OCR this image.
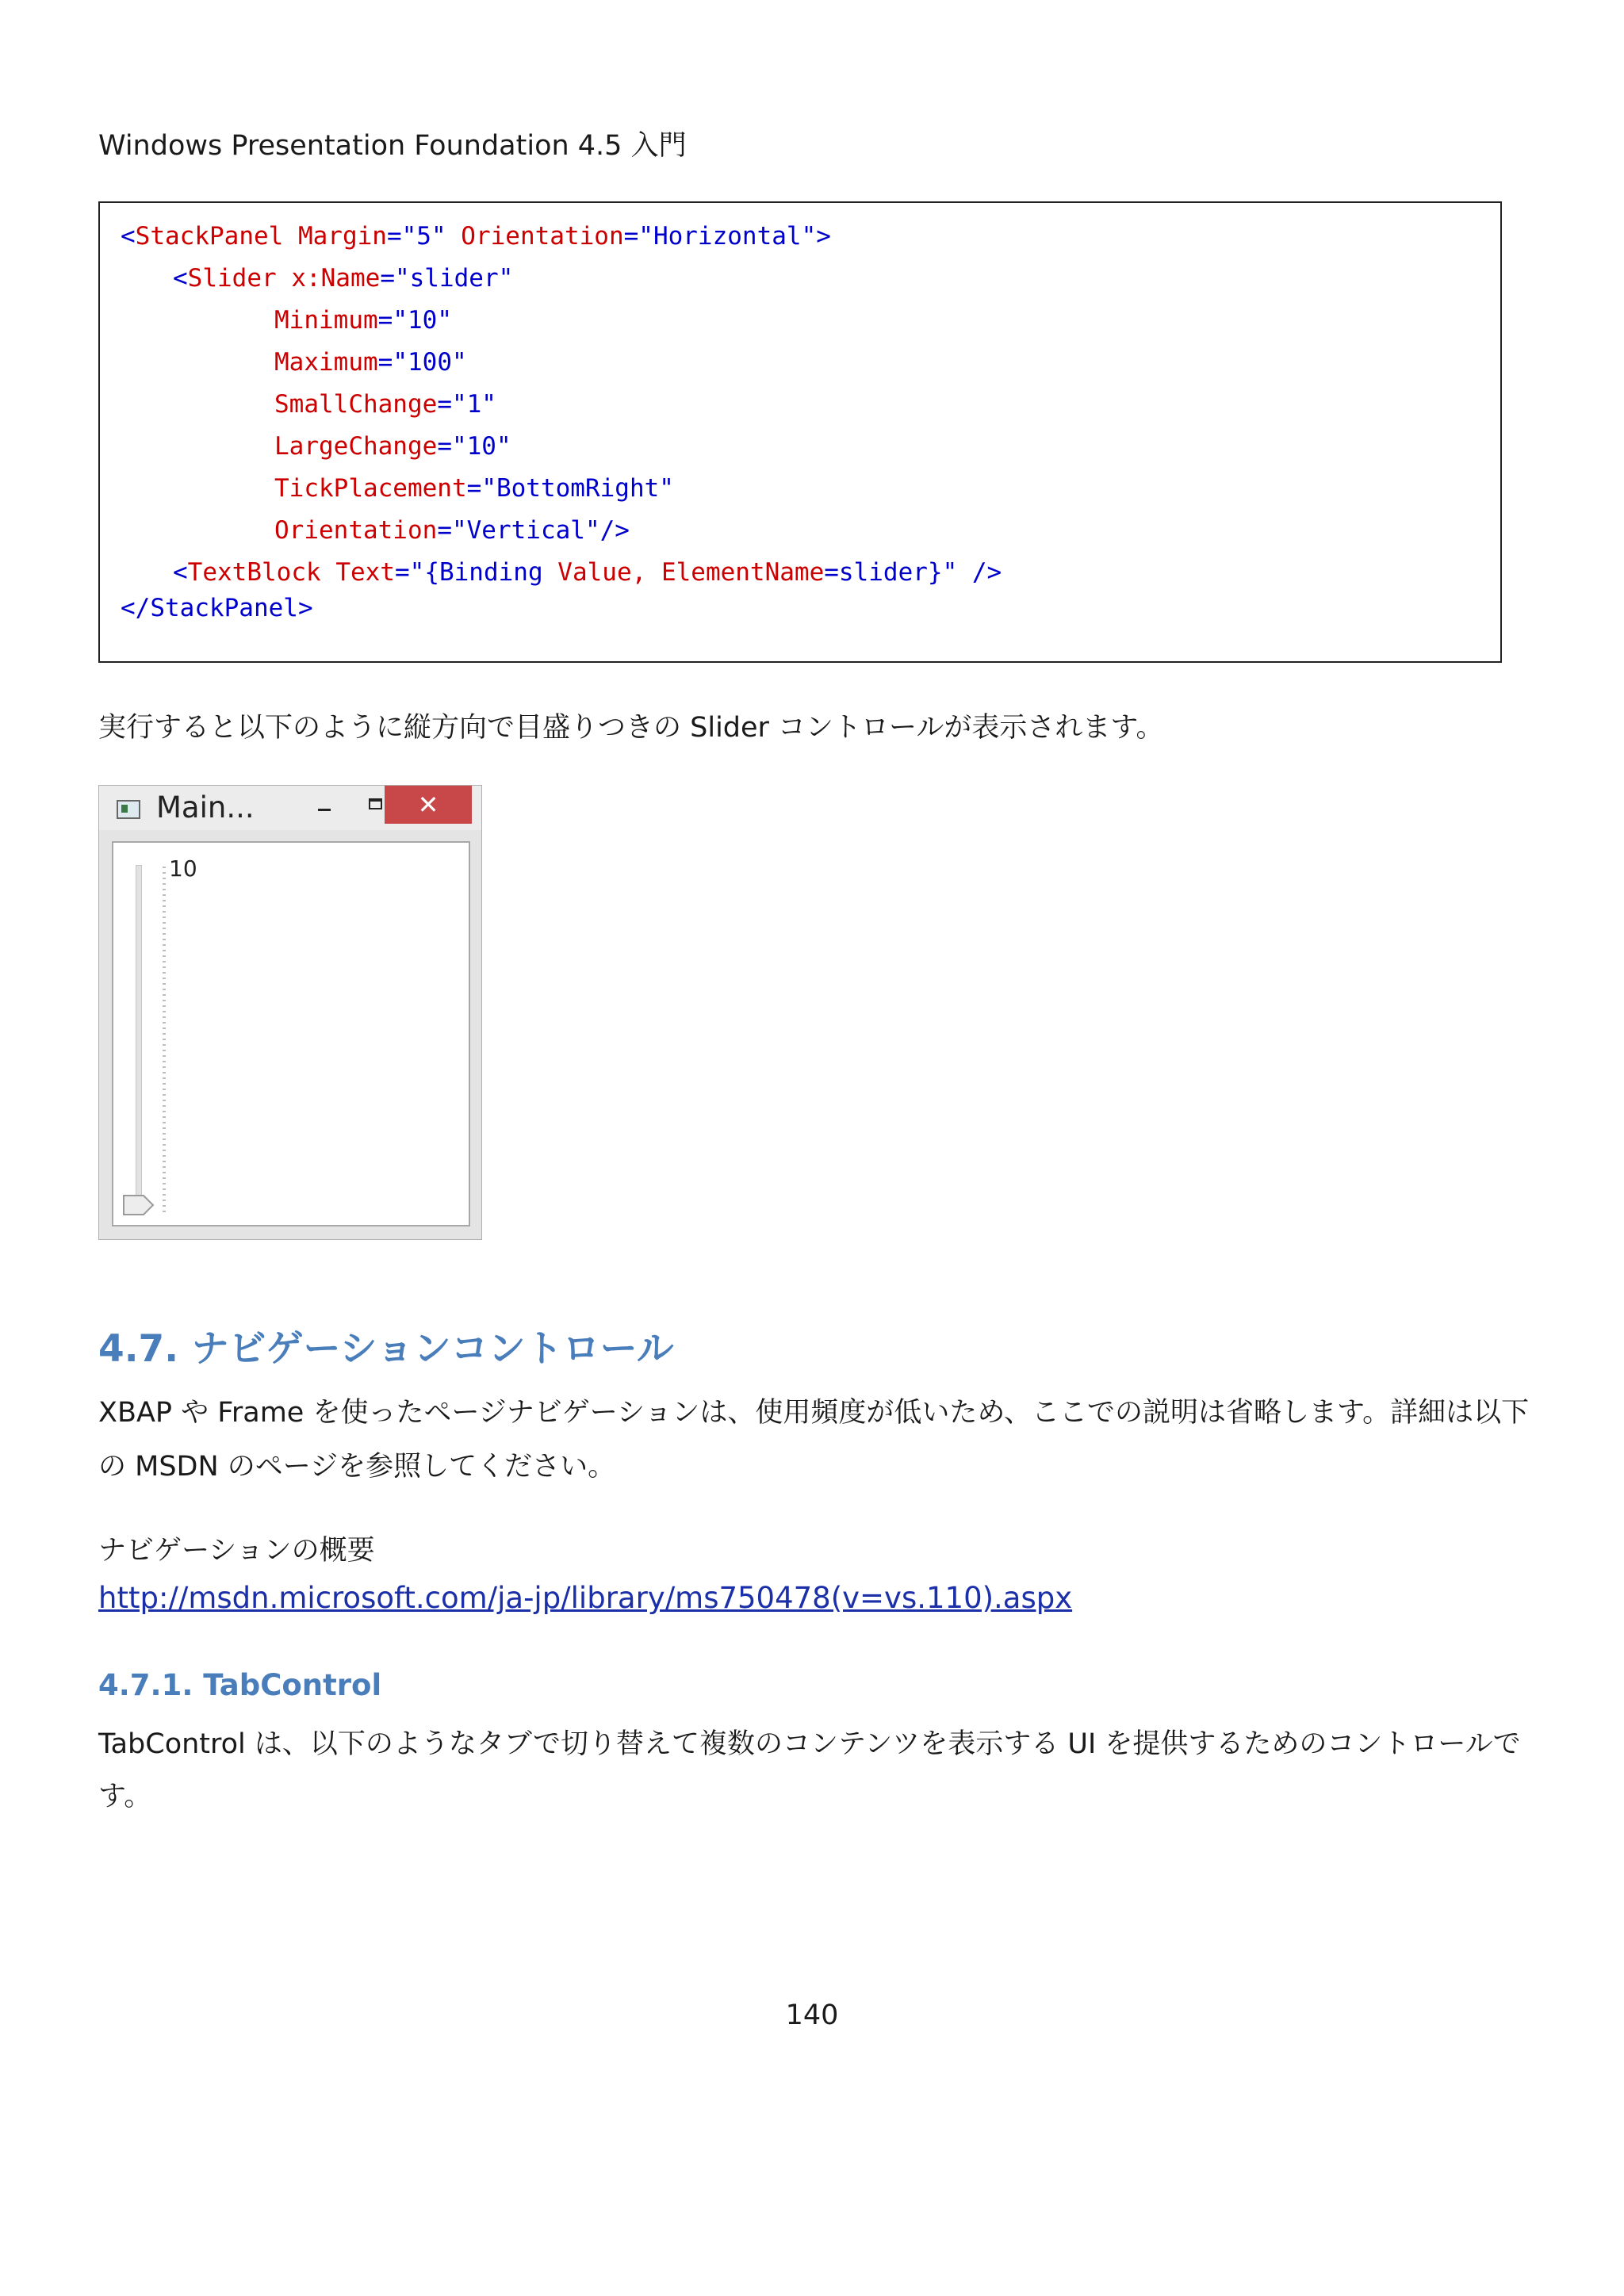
Windows Presentation Foundation 4.5 入門
<StackPanel Margin="5" Orientation="Horizontal">
<Slider x:Name="slider"
Minimum="10"
Maximum="100"
SmallChange="1"
LargeChange="10"
TickPlacement="BottomRight"
Orientation="Vertical"/>
<TextBlock Text="{Binding Value, ElementName=slider}" />
</StackPanel>
実行すると以下のように縦方向で目盛りつきの Slider コントロールが表示されます。
Main...	✕
10
4.7. ナビゲーションコントロール
XBAP や Frame を使ったページナビゲーションは、使用頻度が低いため、ここでの説明は省略します。詳細は以下
の MSDN のページを参照してください。
ナビゲーションの概要
http://msdn.microsoft.com/ja-jp/library/ms750478(v=vs.110).aspx
4.7.1. TabControl
TabControl は、以下のようなタブで切り替えて複数のコンテンツを表示する UI を提供するためのコントロールで
す。
140
